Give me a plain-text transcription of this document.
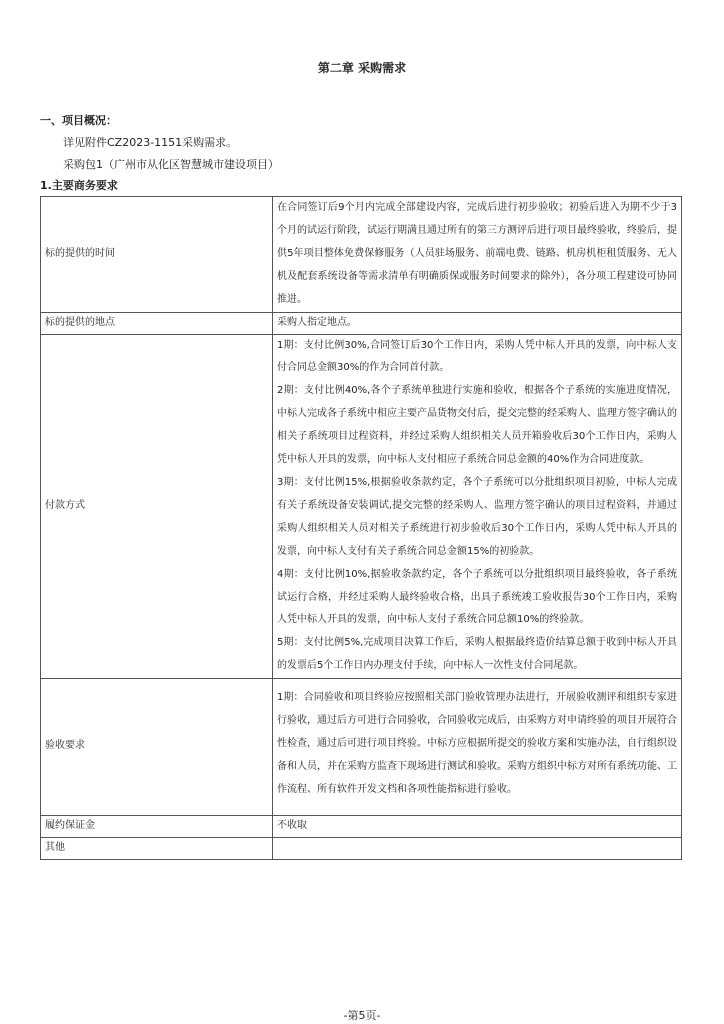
第二章 采购需求
一、项目概况：
详见附件CZ2023-1151采购需求。
采购包1（广州市从化区智慧城市建设项目）
1.主要商务要求
标的提供的时间	在合同签订后9个月内完成全部建设内容，完成后进行初步验收；初验后进入为期不少于3个月的试运行阶段，试运行期满且通过所有的第三方测评后进行项目最终验收，终验后，提供5年项目整体免费保修服务（人员驻场服务、前端电费、链路、机房机柜租赁服务、无人机及配套系统设备等需求清单有明确质保或服务时间要求的除外），各分项工程建设可协同推进。
标的提供的地点	采购人指定地点。
付款方式	1期：支付比例30%,合同签订后30个工作日内，采购人凭中标人开具的发票，向中标人支付合同总金额30%的作为合同首付款。
2期：支付比例40%,各个子系统单独进行实施和验收，根据各个子系统的实施进度情况，中标人完成各子系统中相应主要产品货物交付后，提交完整的经采购人、监理方签字确认的相关子系统项目过程资料，并经过采购人组织相关人员开箱验收后30个工作日内，采购人凭中标人开具的发票，向中标人支付相应子系统合同总金额的40%作为合同进度款。
3期：支付比例15%,根据验收条款约定，各个子系统可以分批组织项目初验，中标人完成有关子系统设备安装调试,提交完整的经采购人、监理方签字确认的项目过程资料，并通过采购人组织相关人员对相关子系统进行初步验收后30个工作日内，采购人凭中标人开具的发票，向中标人支付有关子系统合同总金额15%的初验款。
4期：支付比例10%,据验收条款约定，各个子系统可以分批组织项目最终验收，各子系统试运行合格，并经过采购人最终验收合格，出具子系统竣工验收报告30个工作日内，采购人凭中标人开具的发票，向中标人支付子系统合同总额10%的终验款。
5期：支付比例5%,完成项目决算工作后，采购人根据最终造价结算总额于收到中标人开具的发票后5个工作日内办理支付手续，向中标人一次性支付合同尾款。

验收要求	1期：合同验收和项目终验应按照相关部门验收管理办法进行，开展验收测评和组织专家进行验收，通过后方可进行合同验收，合同验收完成后，由采购方对申请终验的项目开展符合性检查，通过后可进行项目终验。中标方应根据所提交的验收方案和实施办法，自行组织设备和人员，并在采购方监查下现场进行测试和验收。采购方组织中标方对所有系统功能、工作流程、所有软件开发文档和各项性能指标进行验收。
履约保证金	不收取
其他	
-第5页-
